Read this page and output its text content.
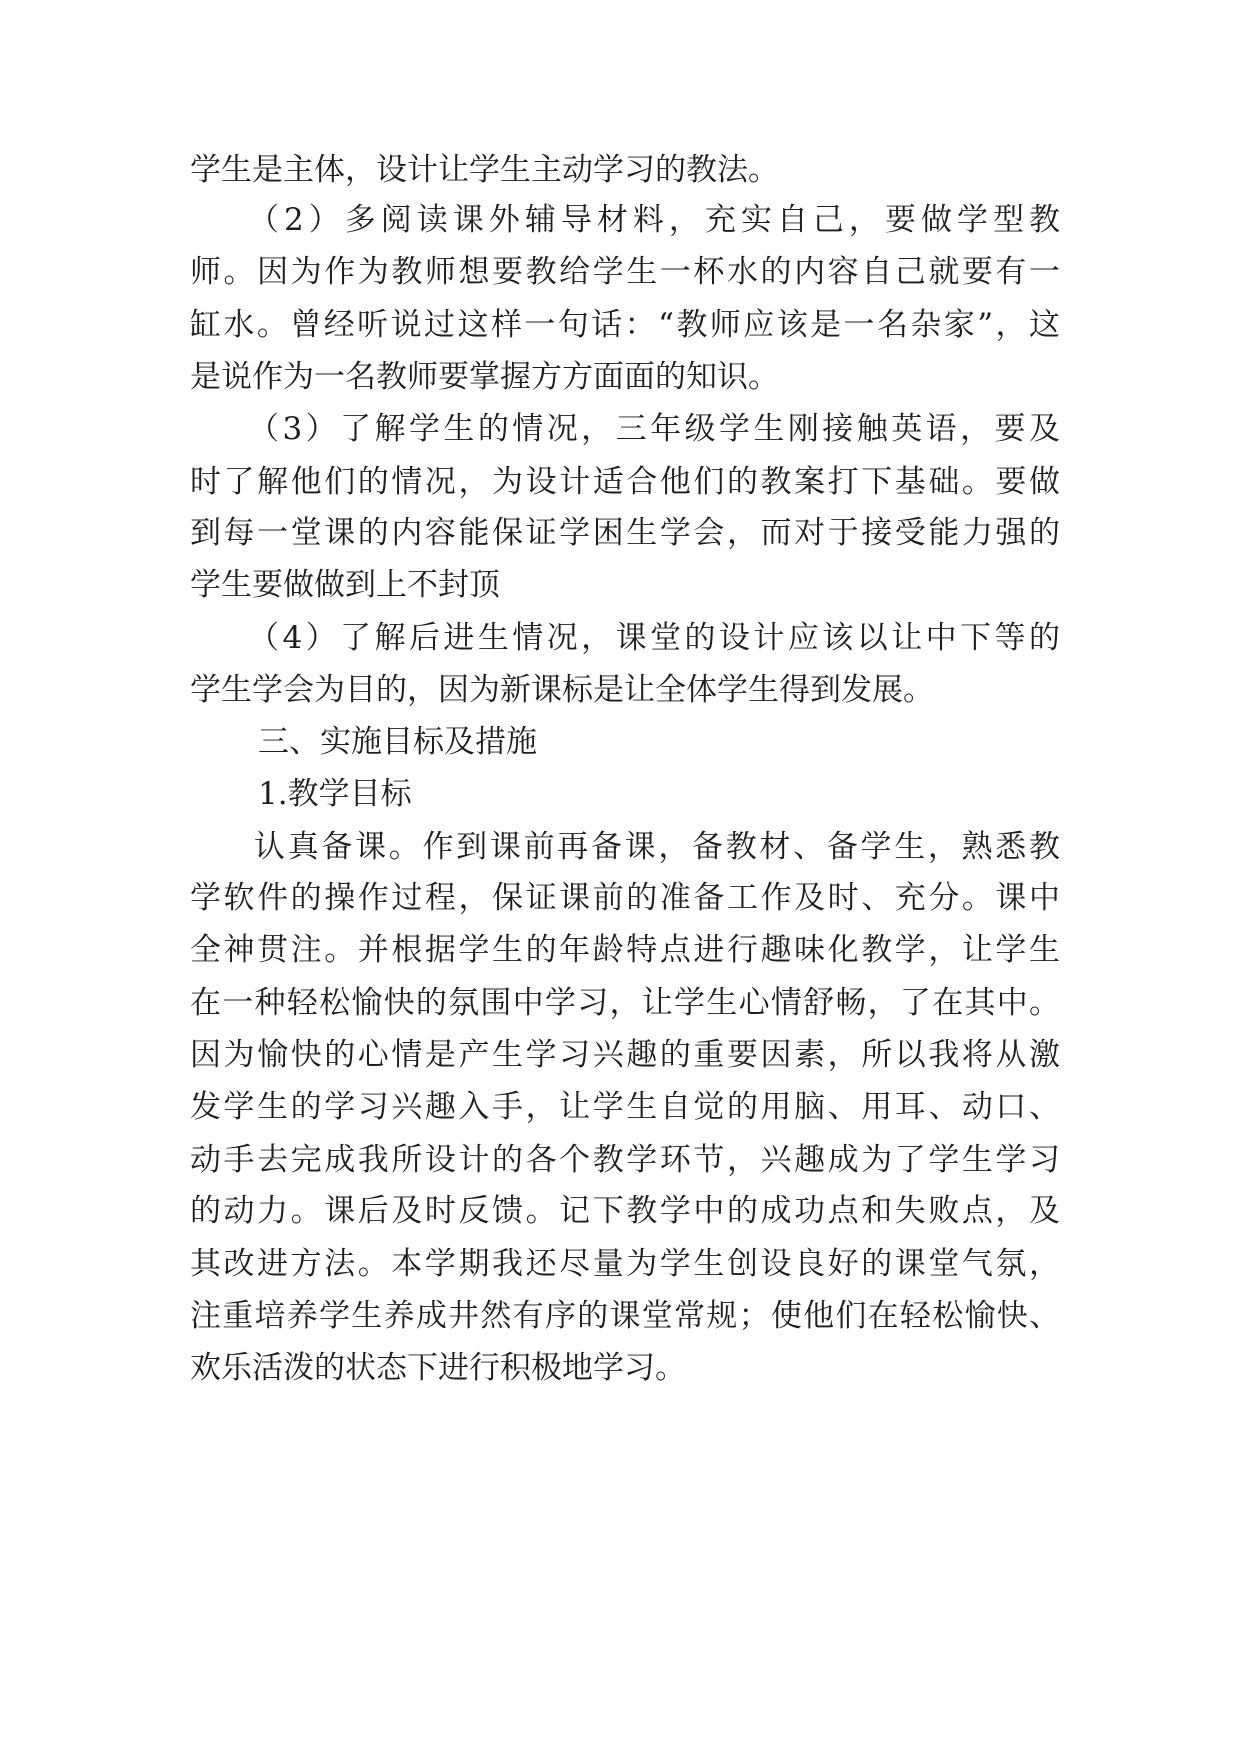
学生是主体，设计让学生主动学习的教法。
（2）多阅读课外辅导材料，充实自己，要做学型教
师。因为作为教师想要教给学生一杯水的内容自己就要有一
缸水。曾经听说过这样一句话：“教师应该是一名杂家”，这
是说作为一名教师要掌握方方面面的知识。
（3）了解学生的情况，三年级学生刚接触英语，要及
时了解他们的情况，为设计适合他们的教案打下基础。要做
到每一堂课的内容能保证学困生学会，而对于接受能力强的
学生要做做到上不封顶
（4）了解后进生情况，课堂的设计应该以让中下等的
学生学会为目的，因为新课标是让全体学生得到发展。
三、实施目标及措施
1.教学目标
认真备课。作到课前再备课，备教材、备学生，熟悉教
学软件的操作过程，保证课前的准备工作及时、充分。课中
全神贯注。并根据学生的年龄特点进行趣味化教学，让学生
在一种轻松愉快的氛围中学习，让学生心情舒畅，了在其中。
因为愉快的心情是产生学习兴趣的重要因素，所以我将从激
发学生的学习兴趣入手，让学生自觉的用脑、用耳、动口、
动手去完成我所设计的各个教学环节，兴趣成为了学生学习
的动力。课后及时反馈。记下教学中的成功点和失败点，及
其改进方法。本学期我还尽量为学生创设良好的课堂气氛，
注重培养学生养成井然有序的课堂常规；使他们在轻松愉快、
欢乐活泼的状态下进行积极地学习。
